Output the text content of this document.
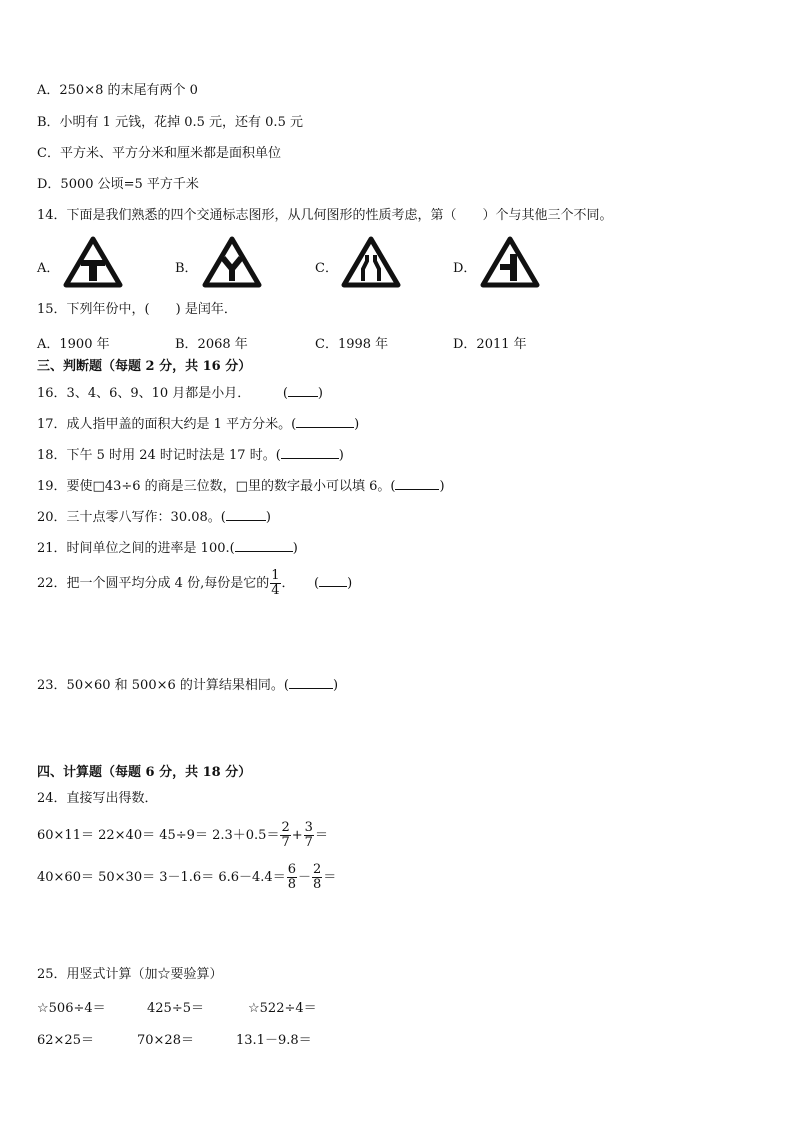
A．250×8 的末尾有两个 0
B．小明有 1 元钱，花掉 0.5 元，还有 0.5 元
C．平方米、平方分米和厘米都是面积单位
D．5000 公顷=5 平方千米
14．下面是我们熟悉的四个交通标志图形，从几何图形的性质考虑，第（　　）个与其他三个不同。
A．	B．	C．	D．
15．下列年份中，(　　) 是闰年．
A．1900 年	B．2068 年	C．1998 年	D．2011 年
三、判断题（每题 2 分，共 16 分）
16．3、4、6、9、10 月都是小月．　　　( )
17．成人指甲盖的面积大约是 1 平方分米。(	)
18．下午 5 时用 24 时记时法是 17 时。(	)
19．要使□43÷6 的商是三位数，□里的数字最小可以填 6。(	)
20．三十点零八写作：30.08。(	)
21．时间单位之间的进率是 100.(	)
22．把一个圆平均分成 4 份,每份是它的 $\frac{1}{4}$ ．　　 ( )
23．50×60 和 500×6 的计算结果相同。(	)
四、计算题（每题 6 分，共 18 分）
24．直接写出得数．
$60\times 11= 22\times 40= 45\div 9= 2.3+0.5= \frac{2}{7} + \frac{3}{7}$ ＝
$40\times 60= 50\times 30= 3-1.6= 6.6-4.4= \frac{6}{8} - \frac{2}{8}$ ＝
25．用竖式计算（加☆要验算）
☆506÷4＝	425÷5＝	☆522÷4＝
62×25＝	70×28＝	13.1－9.8＝
